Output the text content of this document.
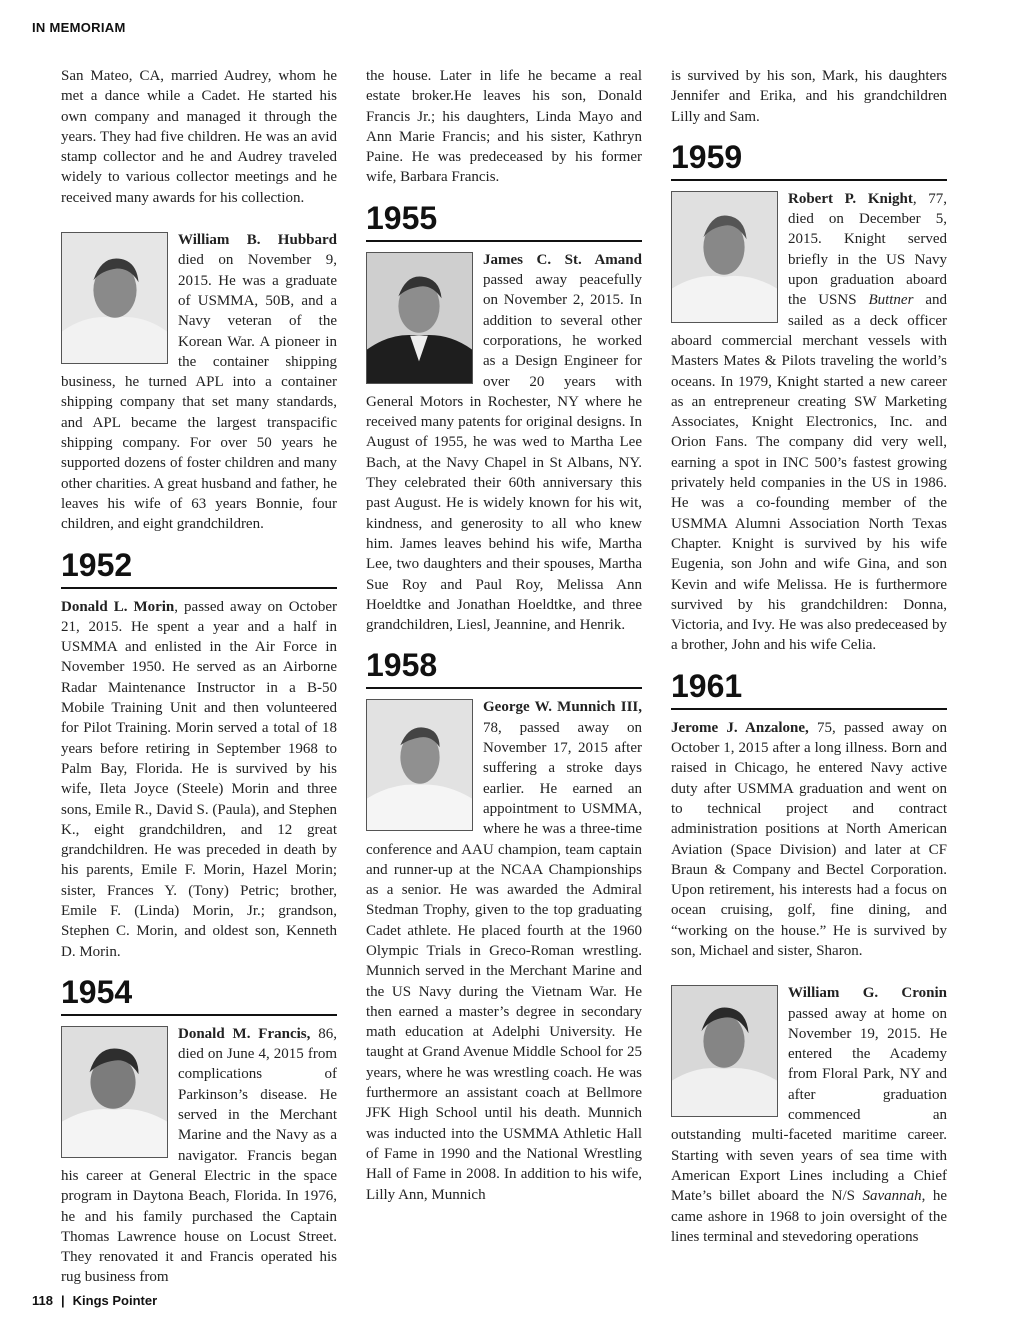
IN MEMORIAM

San Mateo, CA, married Audrey, whom he met a dance while a Cadet. He started his own company and managed it through the years. They had five children. He was an avid stamp collector and he and Audrey traveled widely to various collector meetings and he received many awards for his collection.

William B. Hubbard died on November 9, 2015. He was a graduate of USMMA, 50B, and a Navy veteran of the Korean War. A pioneer in the container shipping business, he turned APL into a container shipping company that set many standards, and APL became the largest transpacific shipping company. For over 50 years he supported dozens of foster children and many other charities. A great husband and father, he leaves his wife of 63 years Bonnie, four children, and eight grandchildren.

1952

Donald L. Morin, passed away on October 21, 2015. He spent a year and a half in USMMA and enlisted in the Air Force in November 1950. He served as an Airborne Radar Maintenance Instructor in a B-50 Mobile Training Unit and then volunteered for Pilot Training. Morin served a total of 18 years before retiring in September 1968 to Palm Bay, Florida. He is survived by his wife, Ileta Joyce (Steele) Morin and three sons, Emile R., David S. (Paula), and Stephen K., eight grandchildren, and 12 great grandchildren. He was preceded in death by his parents, Emile F. Morin, Hazel Morin; sister, Frances Y. (Tony) Petric; brother, Emile F. (Linda) Morin, Jr.; grandson, Stephen C. Morin, and oldest son, Kenneth D. Morin.

1954

Donald M. Francis, 86, died on June 4, 2015 from complications of Parkinson’s disease. He served in the Merchant Marine and the Navy as a navigator. Francis began his career at General Electric in the space program in Daytona Beach, Florida. In 1976, he and his family purchased the Captain Thomas Lawrence house on Locust Street. They renovated it and Francis operated his rug business from

the house. Later in life he became a real estate broker.He leaves his son, Donald Francis Jr.; his daughters, Linda Mayo and Ann Marie Francis; and his sister, Kathryn Paine. He was predeceased by his former wife, Barbara Francis.

1955

James C. St. Amand passed away peacefully on November 2, 2015. In addition to several other corporations, he worked as a Design Engineer for over 20 years with General Motors in Rochester, NY where he received many patents for original designs. In August of 1955, he was wed to Martha Lee Bach, at the Navy Chapel in St Albans, NY. They celebrated their 60th anniversary this past August. He is widely known for his wit, kindness, and generosity to all who knew him. James leaves behind his wife, Martha Lee, two daughters and their spouses, Martha Sue Roy and Paul Roy, Melissa Ann Hoeldtke and Jonathan Hoeldtke, and three grandchildren, Liesl, Jeannine, and Henrik.

1958

George W. Munnich III, 78, passed away on November 17, 2015 after suffering a stroke days earlier. He earned an appointment to USMMA, where he was a three-time conference and AAU champion, team captain and runner-up at the NCAA Championships as a senior. He was awarded the Admiral Stedman Trophy, given to the top graduating Cadet athlete. He placed fourth at the 1960 Olympic Trials in Greco-Roman wrestling. Munnich served in the Merchant Marine and the US Navy during the Vietnam War. He then earned a master’s degree in secondary math education at Adelphi University. He taught at Grand Avenue Middle School for 25 years, where he was wrestling coach. He was furthermore an assistant coach at Bellmore JFK High School until his death. Munnich was inducted into the USMMA Athletic Hall of Fame in 1990 and the National Wrestling Hall of Fame in 2008. In addition to his wife, Lilly Ann, Munnich

is survived by his son, Mark, his daughters Jennifer and Erika, and his grandchildren Lilly and Sam.

1959

Robert P. Knight, 77, died on December 5, 2015. Knight served briefly in the US Navy upon graduation aboard the USNS Buttner and sailed as a deck officer aboard commercial merchant vessels with Masters Mates & Pilots traveling the world’s oceans. In 1979, Knight started a new career as an entrepreneur creating SW Marketing Associates, Knight Electronics, Inc. and Orion Fans. The company did very well, earning a spot in INC 500’s fastest growing privately held companies in the US in 1986. He was a co-founding member of the USMMA Alumni Association North Texas Chapter. Knight is survived by his wife Eugenia, son John and wife Gina, and son Kevin and wife Melissa. He is furthermore survived by his grandchildren: Donna, Victoria, and Ivy. He was also predeceased by a brother, John and his wife Celia.

1961

Jerome J. Anzalone, 75, passed away on October 1, 2015 after a long illness. Born and raised in Chicago, he entered Navy active duty after USMMA graduation and went on to technical project and contract administration positions at North American Aviation (Space Division) and later at CF Braun & Company and Bectel Corporation. Upon retirement, his interests had a focus on ocean cruising, golf, fine dining, and “working on the house.” He is survived by son, Michael and sister, Sharon.

William G. Cronin passed away at home on November 19, 2015. He entered the Academy from Floral Park, NY and after graduation commenced an outstanding multi-faceted maritime career. Starting with seven years of sea time with American Export Lines including a Chief Mate’s billet aboard the N/S Savannah, he came ashore in 1968 to join oversight of the lines terminal and stevedoring operations

118 | Kings Pointer
